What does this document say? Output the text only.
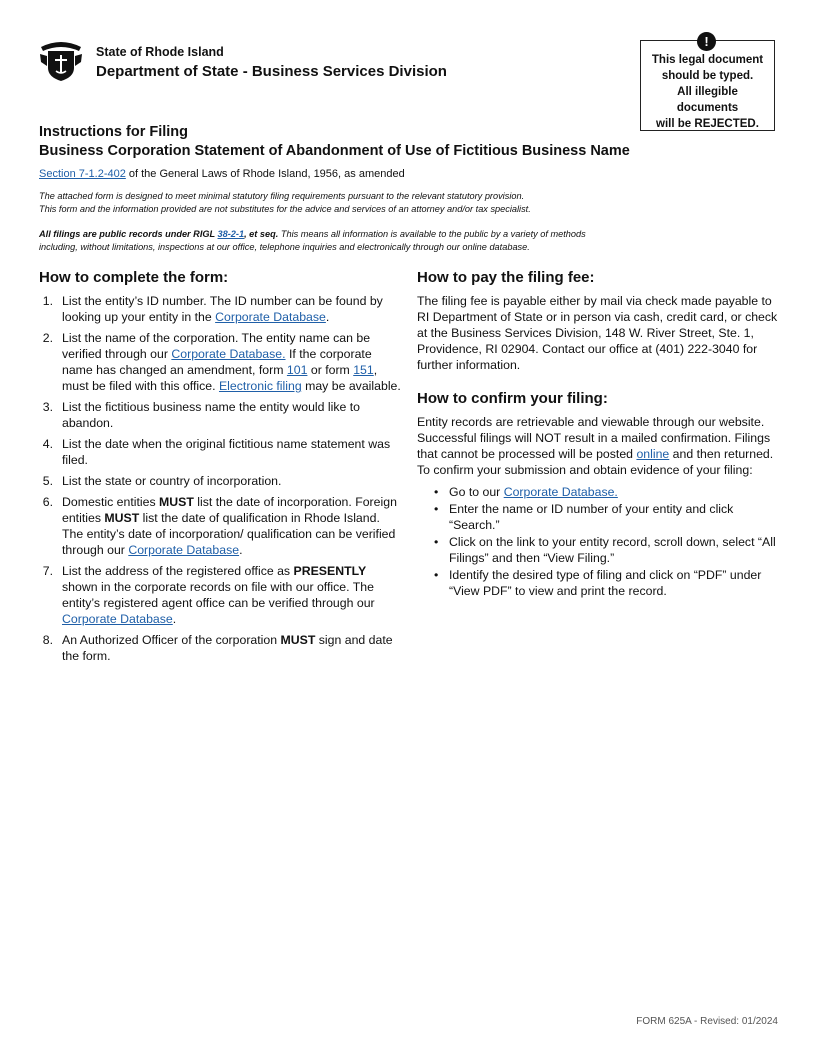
State of Rhode Island
Department of State - Business Services Division
!
This legal document
should be typed.
All illegible
documents
will be REJECTED.
Instructions for Filing
Business Corporation Statement of Abandonment of Use of Fictitious Business Name
Section 7-1.2-402 of the General Laws of Rhode Island, 1956, as amended
The attached form is designed to meet minimal statutory filing requirements pursuant to the relevant statutory provision.
This form and the information provided are not substitutes for the advice and services of an attorney and/or tax specialist.
All filings are public records under RIGL 38-2-1, et seq. This means all information is available to the public by a variety of methods
including, without limitations, inspections at our office, telephone inquiries and electronically through our online database.
How to complete the form:
1. List the entity’s ID number. The ID number can be found by looking up your entity in the Corporate Database.
2. List the name of the corporation. The entity name can be verified through our Corporate Database. If the corporate name has changed an amendment, form 101 or form 151, must be filed with this office. Electronic filing may be available.
3. List the fictitious business name the entity would like to abandon.
4. List the date when the original fictitious name statement was filed.
5. List the state or country of incorporation.
6. Domestic entities MUST list the date of incorporation. Foreign entities MUST list the date of qualification in Rhode Island. The entity’s date of incorporation/ qualification can be verified through our Corporate Database.
7. List the address of the registered office as PRESENTLY shown in the corporate records on file with our office. The entity’s registered agent office can be verified through our Corporate Database.
8. An Authorized Officer of the corporation MUST sign and date the form.
How to pay the filing fee:

The filing fee is payable either by mail via check made payable to RI Department of State or in person via cash, credit card, or check at the Business Services Division, 148 W. River Street, Ste. 1, Providence, RI 02904. Contact our office at (401) 222-3040 for further information.

How to confirm your filing:

Entity records are retrievable and viewable through our website. Successful filings will NOT result in a mailed confirmation. Filings that cannot be processed will be posted online and then returned. To confirm your submission and obtain evidence of your filing:

• Go to our Corporate Database.
• Enter the name or ID number of your entity and click “Search.”
• Click on the link to your entity record, scroll down, select “All Filings” and then “View Filing.”
• Identify the desired type of filing and click on “PDF” under “View PDF” to view and print the record.
FORM 625A - Revised: 01/2024
